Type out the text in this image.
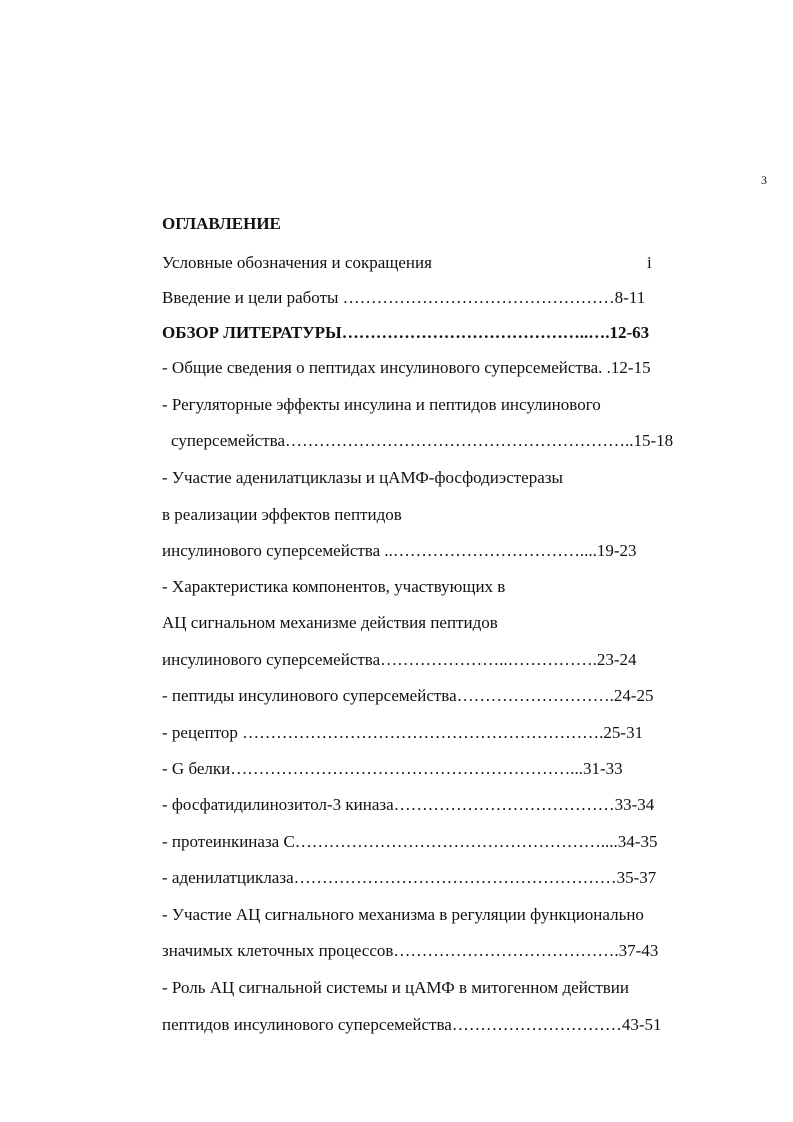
3
ОГЛАВЛЕНИЕ
Условные обозначения и сокращения	i
Введение и цели работы …………………………………………8-11
ОБЗОР ЛИТЕРАТУРЫ……………………………………..….12-63
- Общие сведения о пептидах инсулинового суперсемейства. .12-15
- Регуляторные эффекты инсулина и пептидов инсулинового
суперсемейства……………………………………………………..15-18
- Участие аденилатциклазы и цАМФ-фосфодиэстеразы
в реализации эффектов пептидов
инсулинового суперсемейства ..……………………………....19-23
- Характеристика компонентов, участвующих в
АЦ сигнальном механизме действия пептидов
инсулинового суперсемейства…………………..…………….23-24
- пептиды инсулинового суперсемейства……………………….24-25
- рецептор ……………………………………………………….25-31
- G белки……………………………………………………...31-33
- фосфатидилинозитол-3 киназа…………………………………33-34
- протеинкиназа С………………………………………………....34-35
- аденилатциклаза…………………………………………………35-37
- Участие АЦ сигнального механизма в регуляции функционально
значимых клеточных процессов………………………………….37-43
- Роль АЦ сигнальной системы и цАМФ в митогенном действии
пептидов инсулинового суперсемейства…………………………43-51
